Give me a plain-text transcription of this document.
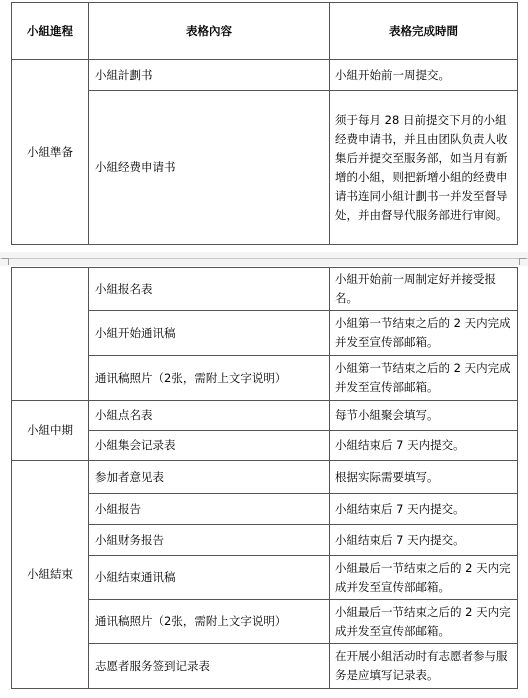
小組進程	表格內容	表格完成時間
小組準备	小組計劃书	小組开始前一周提交。
	小組经费申请书	须于每月 28 日前提交下月的小組经费申请书，并且由团队负责人收集后并提交至服务部，如当月有新增的小組，则把新增小組的经费申请书连同小組计劃书一并发至督导处，并由督导代服务部进行审阅。
	小組报名表	小組开始前一周制定好并接受报名。
	小組开始通讯稿	小組第一节结束之后的 2 天内完成并发至宣传部邮箱。
	通讯稿照片（2张，需附上文字说明）	小組第一节结束之后的 2 天内完成并发至宣传部邮箱。
小組中期	小組点名表	每节小組聚会填写。
	小組集会记录表	小組结束后 7 天内提交。
小組結束	参加者意见表	根据实际需要填写。
	小組报告	小組结束后 7 天内提交。
	小組财务报告	小組结束后 7 天内提交。
	小組结束通讯稿	小組最后一节结束之后的 2 天内完成并发至宣传部邮箱。
	通讯稿照片（2张，需附上文字说明）	小組最后一节结束之后的 2 天内完成并发至宣传部邮箱。
	志愿者服务签到记录表	在开展小組活动时有志愿者参与服务是应填写记录表。
